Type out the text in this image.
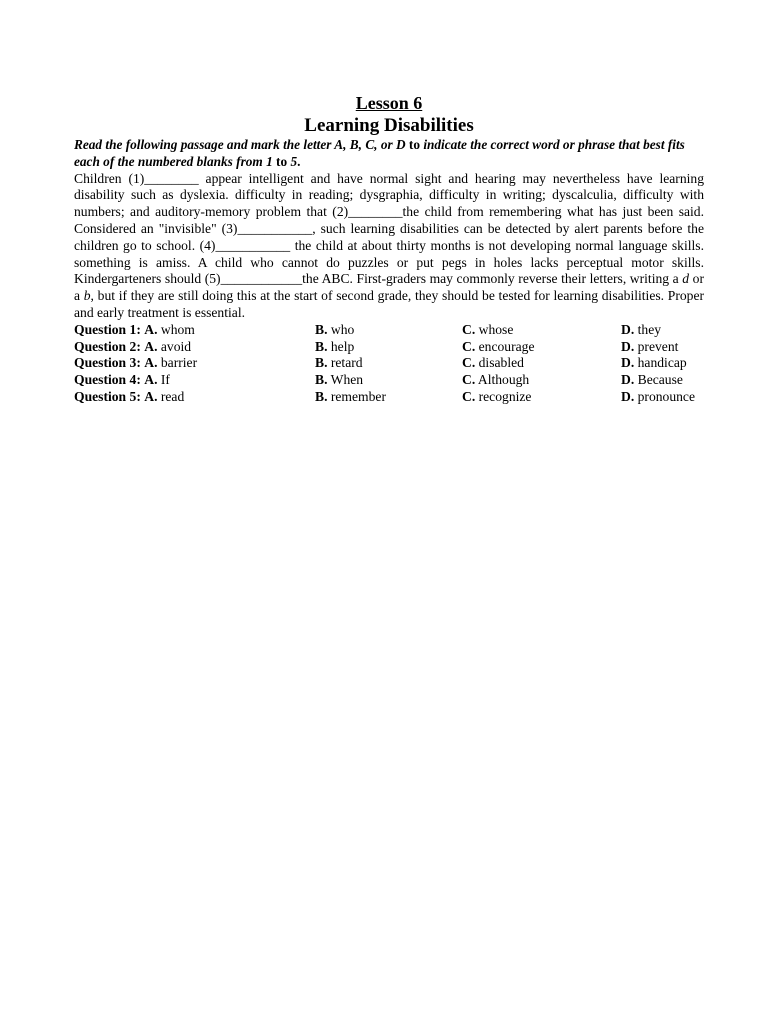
Lesson 6
Learning Disabilities
Read the following passage and mark the letter A, B, C, or D to indicate the correct word or phrase that best fits each of the numbered blanks from 1 to 5.
Children (1)________ appear intelligent and have normal sight and hearing may nevertheless have learning disability such as dyslexia. difficulty in reading; dysgraphia, difficulty in writing; dyscalculia, difficulty with numbers; and auditory-memory problem that (2)________the child from remembering what has just been said. Considered an "invisible" (3)___________, such learning disabilities can be detected by alert parents before the children go to school. (4)___________ the child at about thirty months is not developing normal language skills. something is amiss. A child who cannot do puzzles or put pegs in holes lacks perceptual motor skills. Kindergarteners should (5)____________the ABC. First-graders may commonly reverse their letters, writing a d or a b, but if they are still doing this at the start of second grade, they should be tested for learning disabilities. Proper and early treatment is essential.
Question 1: A. whom	B. who	C. whose	D. they
Question 2: A. avoid	B. help	C. encourage	D. prevent
Question 3: A. barrier	B. retard	C. disabled	D. handicap
Question 4: A. If	B. When	C. Although	D. Because
Question 5: A. read	B. remember	C. recognize	D. pronounce
